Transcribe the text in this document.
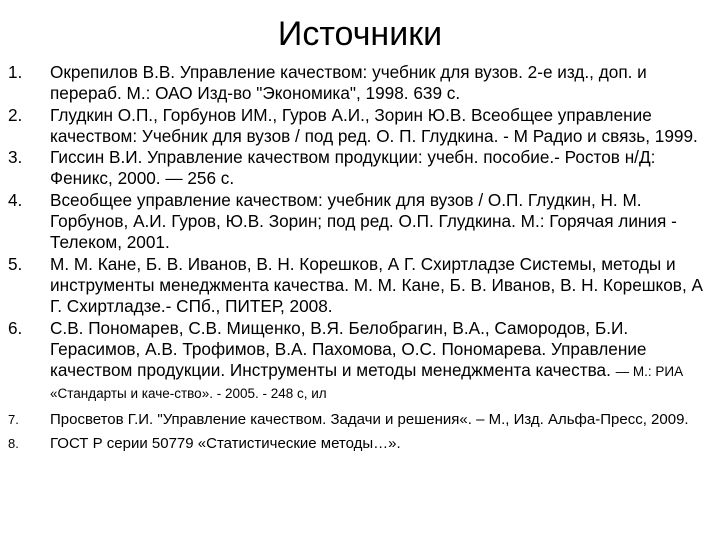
Источники
1.	Окрепилов В.В. Управление качеством: учебник для вузов. 2-е изд., доп. и перераб. М.: ОАО Изд-во "Экономика", 1998. 639 с.
2.	Глудкин О.П., Горбунов ИМ., Гуров А.И., Зорин Ю.В. Всеобщее управление качеством: Учебник для вузов / под ред. О. П. Глудкина. - М Радио и связь, 1999.
3.	Гиссин В.И. Управление качеством продукции: учебн. пособие.- Ростов н/Д: Феникс, 2000. — 256 с.
4.	Всеобщее управление качеством: учебник для вузов / О.П. Глудкин, Н. М. Горбунов, А.И. Гуров, Ю.В. Зорин; под ред. О.П. Глудкина. М.: Горячая линия - Телеком, 2001.
5.	М. М. Кане, Б. В. Иванов, В. Н. Корешков, А Г. Схиртладзе Системы, методы и инструменты менеджмента качества. М. М. Кане, Б. В. Иванов, В. Н. Корешков, А Г. Схиртладзе.- СПб., ПИТЕР, 2008.
6.	С.В. Пономарев, С.В. Мищенко, В.Я. Белобрагин, В.А., Самородов, Б.И. Герасимов, А.В. Трофимов, В.А. Пахомова, О.С. Пономарева. Управление качеством продукции. Инструменты и методы менеджмента качества. — М.: РИА «Стандарты и каче-ство». - 2005. - 248 с, ил
7.	Просветов Г.И. "Управление качеством. Задачи и решения«. – М., Изд. Альфа-Пресс, 2009.
8.	ГОСТ Р серии 50779 «Статистические методы…».
